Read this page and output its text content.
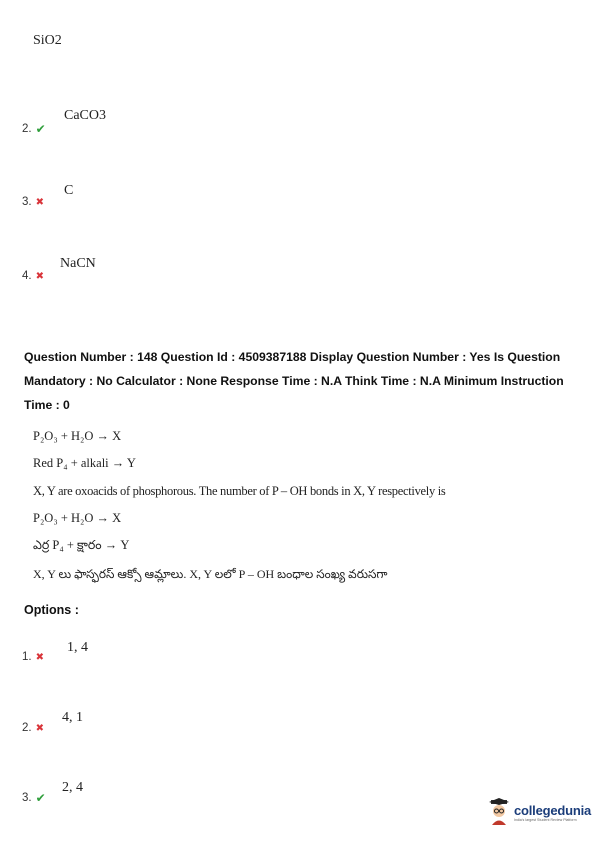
SiO2
CaCO3
2. ✔
C
3. ✖
NaCN
4. ✖
Question Number : 148 Question Id : 4509387188 Display Question Number : Yes Is Question
Mandatory : No Calculator : None Response Time : N.A Think Time : N.A Minimum Instruction
Time : 0
P₂O₃ + H₂O → X
Red P₄ + alkali → Y
X, Y are oxoacids of phosphorous. The number of P – OH bonds in X, Y respectively is
P₂O₃ + H₂O → X
ఎర్ర P₄ + క్షారం → Y
X, Y లు ఫాస్ఫరస్ ఆక్సో ఆమ్లాలు. X, Y లలో P – OH బంధాల సంఖ్య వరుసగా
Options :
1, 4
1. ✖
4, 1
2. ✖
2, 4
3. ✔
collegedunia
India's largest Student Review Platform
